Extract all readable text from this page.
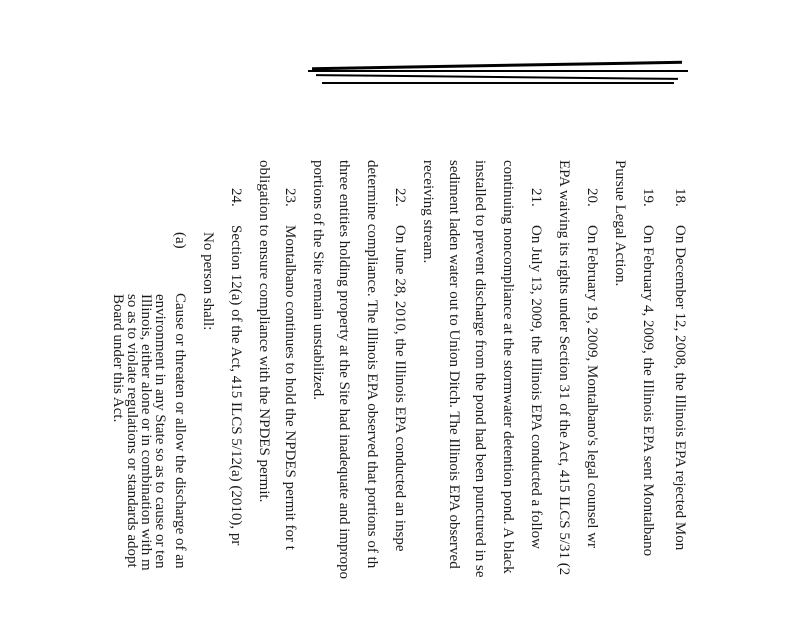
18.On December 12, 2008, the Illinois EPA rejected Mon
19.On February 4, 2009, the Illinois EPA sent Montalbano
Pursue Legal Action.
20.On February 19, 2009, Montalbano's legal counsel wr
EPA waiving its rights under Section 31 of the Act, 415 ILCS 5/31 (2
21.On July 13, 2009, the Illinois EPA conducted a follow
continuing noncompliance at the stormwater detention pond. A black
installed to prevent discharge from the pond had been punctured in se
sediment laden water out to Union Ditch. The Illinois EPA observed
receiving stream.
22.On June 28, 2010, the Illinois EPA conducted an inspe
determine compliance. The Illinois EPA observed that portions of th
three entities holding property at the Site had inadequate and impropo
portions of the Site remain unstabilized.
23.Montalbano continues to hold the NPDES permit for t
obligation to ensure compliance with the NPDES permit.
24.Section 12(a) of the Act, 415 ILCS 5/12(a) (2010), pr
No person shall:
(a)Cause or threaten or allow the discharge of an
environment in any State so as to cause or ten
Illinois, either alone or in combination with m
so as to violate regulations or standards adopt
Board under this Act.
